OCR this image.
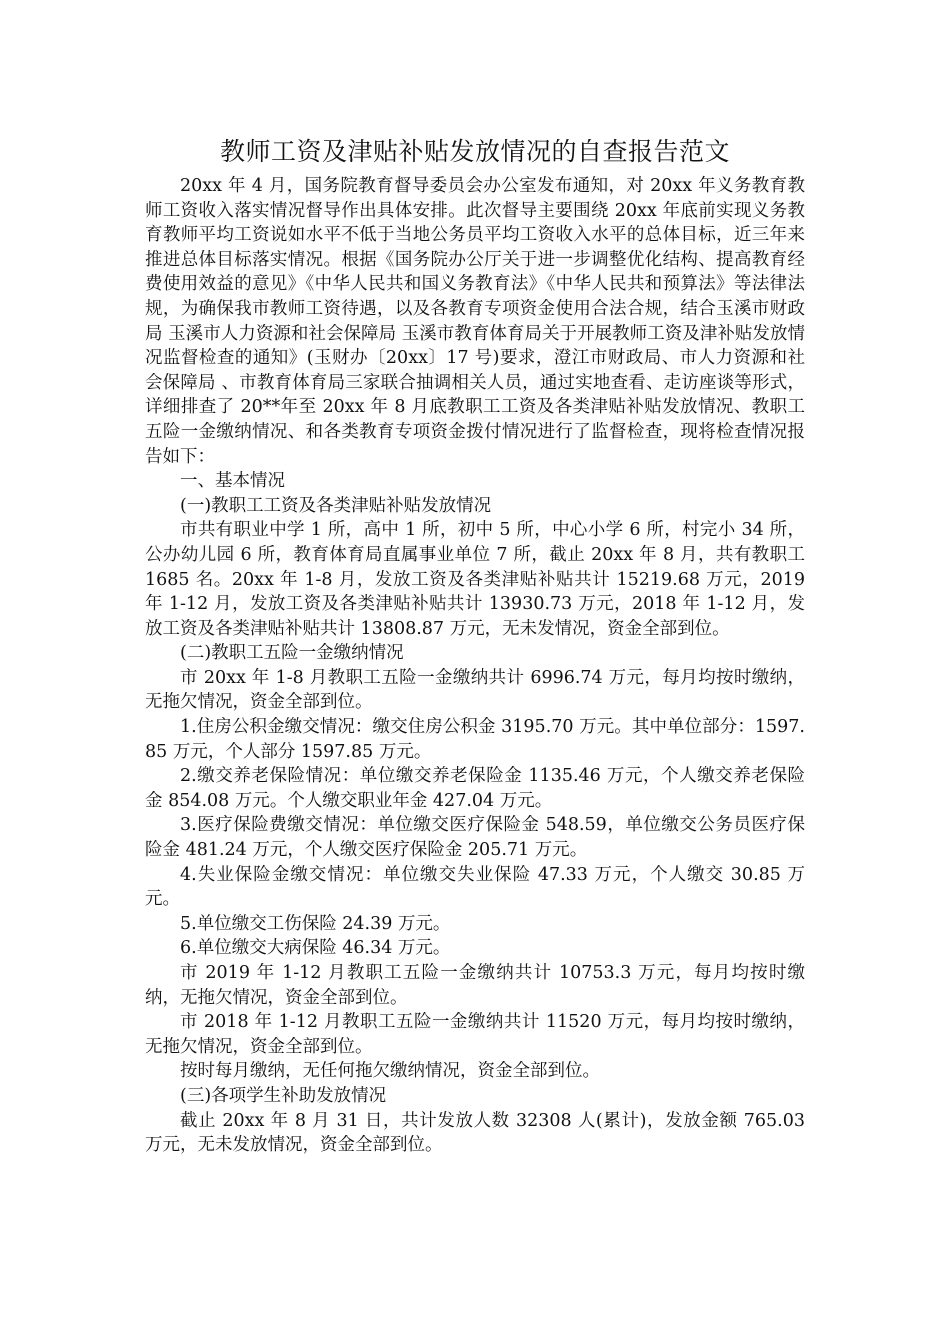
教师工资及津贴补贴发放情况的自查报告范文

20xx 年 4 月，国务院教育督导委员会办公室发布通知，对 20xx 年义务教育教师工资收入落实情况督导作出具体安排。此次督导主要围绕 20xx 年底前实现义务教育教师平均工资说如水平不低于当地公务员平均工资收入水平的总体目标，近三年来推进总体目标落实情况。根据《国务院办公厅关于进一步调整优化结构、提高教育经费使用效益的意见》《中华人民共和国义务教育法》《中华人民共和预算法》等法律法规，为确保我市教师工资待遇，以及各教育专项资金使用合法合规，结合玉溪市财政局 玉溪市人力资源和社会保障局 玉溪市教育体育局关于开展教师工资及津补贴发放情况监督检查的通知》(玉财办〔20xx〕17 号)要求，澄江市财政局、市人力资源和社会保障局 、市教育体育局三家联合抽调相关人员，通过实地查看、走访座谈等形式，详细排查了 20**年至 20xx 年 8 月底教职工工资及各类津贴补贴发放情况、教职工五险一金缴纳情况、和各类教育专项资金拨付情况进行了监督检查，现将检查情况报告如下：

一、基本情况

(一)教职工工资及各类津贴补贴发放情况

市共有职业中学 1 所，高中 1 所，初中 5 所，中心小学 6 所，村完小 34 所，公办幼儿园 6 所，教育体育局直属事业单位 7 所，截止 20xx 年 8 月，共有教职工 1685 名。20xx 年 1-8 月，发放工资及各类津贴补贴共计 15219.68 万元，2019 年 1-12 月，发放工资及各类津贴补贴共计 13930.73 万元，2018 年 1-12 月，发放工资及各类津贴补贴共计 13808.87 万元，无未发情况，资金全部到位。

(二)教职工五险一金缴纳情况

市 20xx 年 1-8 月教职工五险一金缴纳共计 6996.74 万元，每月均按时缴纳，无拖欠情况，资金全部到位。

1.住房公积金缴交情况：缴交住房公积金 3195.70 万元。其中单位部分：1597.85 万元，个人部分 1597.85 万元。

2.缴交养老保险情况：单位缴交养老保险金 1135.46 万元，个人缴交养老保险金 854.08 万元。个人缴交职业年金 427.04 万元。

3.医疗保险费缴交情况：单位缴交医疗保险金 548.59，单位缴交公务员医疗保险金 481.24 万元，个人缴交医疗保险金 205.71 万元。

4.失业保险金缴交情况：单位缴交失业保险 47.33 万元，个人缴交 30.85 万元。

5.单位缴交工伤保险 24.39 万元。

6.单位缴交大病保险 46.34 万元。

市 2019 年 1-12 月教职工五险一金缴纳共计 10753.3 万元，每月均按时缴纳，无拖欠情况，资金全部到位。

市 2018 年 1-12 月教职工五险一金缴纳共计 11520 万元，每月均按时缴纳，无拖欠情况，资金全部到位。

按时每月缴纳，无任何拖欠缴纳情况，资金全部到位。

(三)各项学生补助发放情况

截止 20xx 年 8 月 31 日，共计发放人数 32308 人(累计)，发放金额 765.03 万元，无未发放情况，资金全部到位。
